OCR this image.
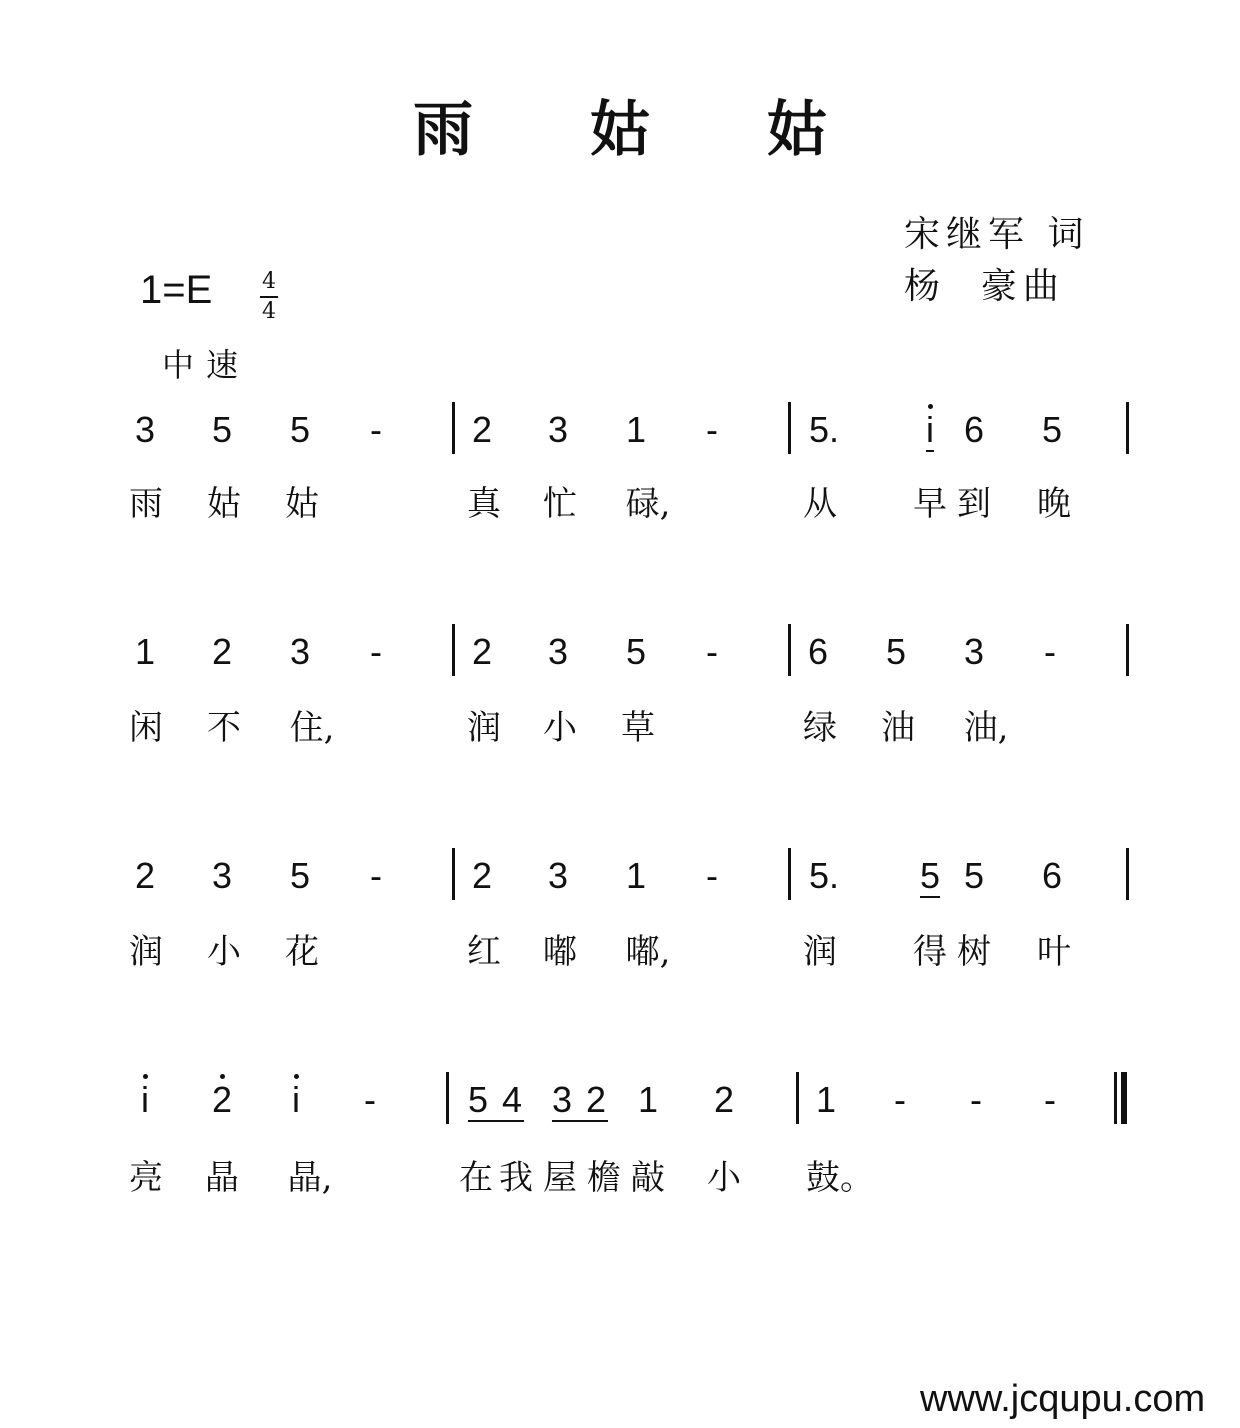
雨 姑 姑
宋继军 词
杨  豪曲
1=E 4
4
中速
3 5 5 - 2 3 1 -	5. i 6 5
雨 姑 姑	真 忙 碌,	从 早 到 晚
1 2 3 - 2 3 5 - 6 5 3 -
闲 不 住,	润 小 草	绿 油 油,
2 3 5 - 2 3 1 -	5. 5 5 6
润 小 花	红 嘟 嘟,	润 得 树 叶
i 2 i -	5 4 3 2 1 2 1 - - -
亮 晶 晶,	在 我 屋 檐 敲 小 鼓。
www.jcqupu.com
